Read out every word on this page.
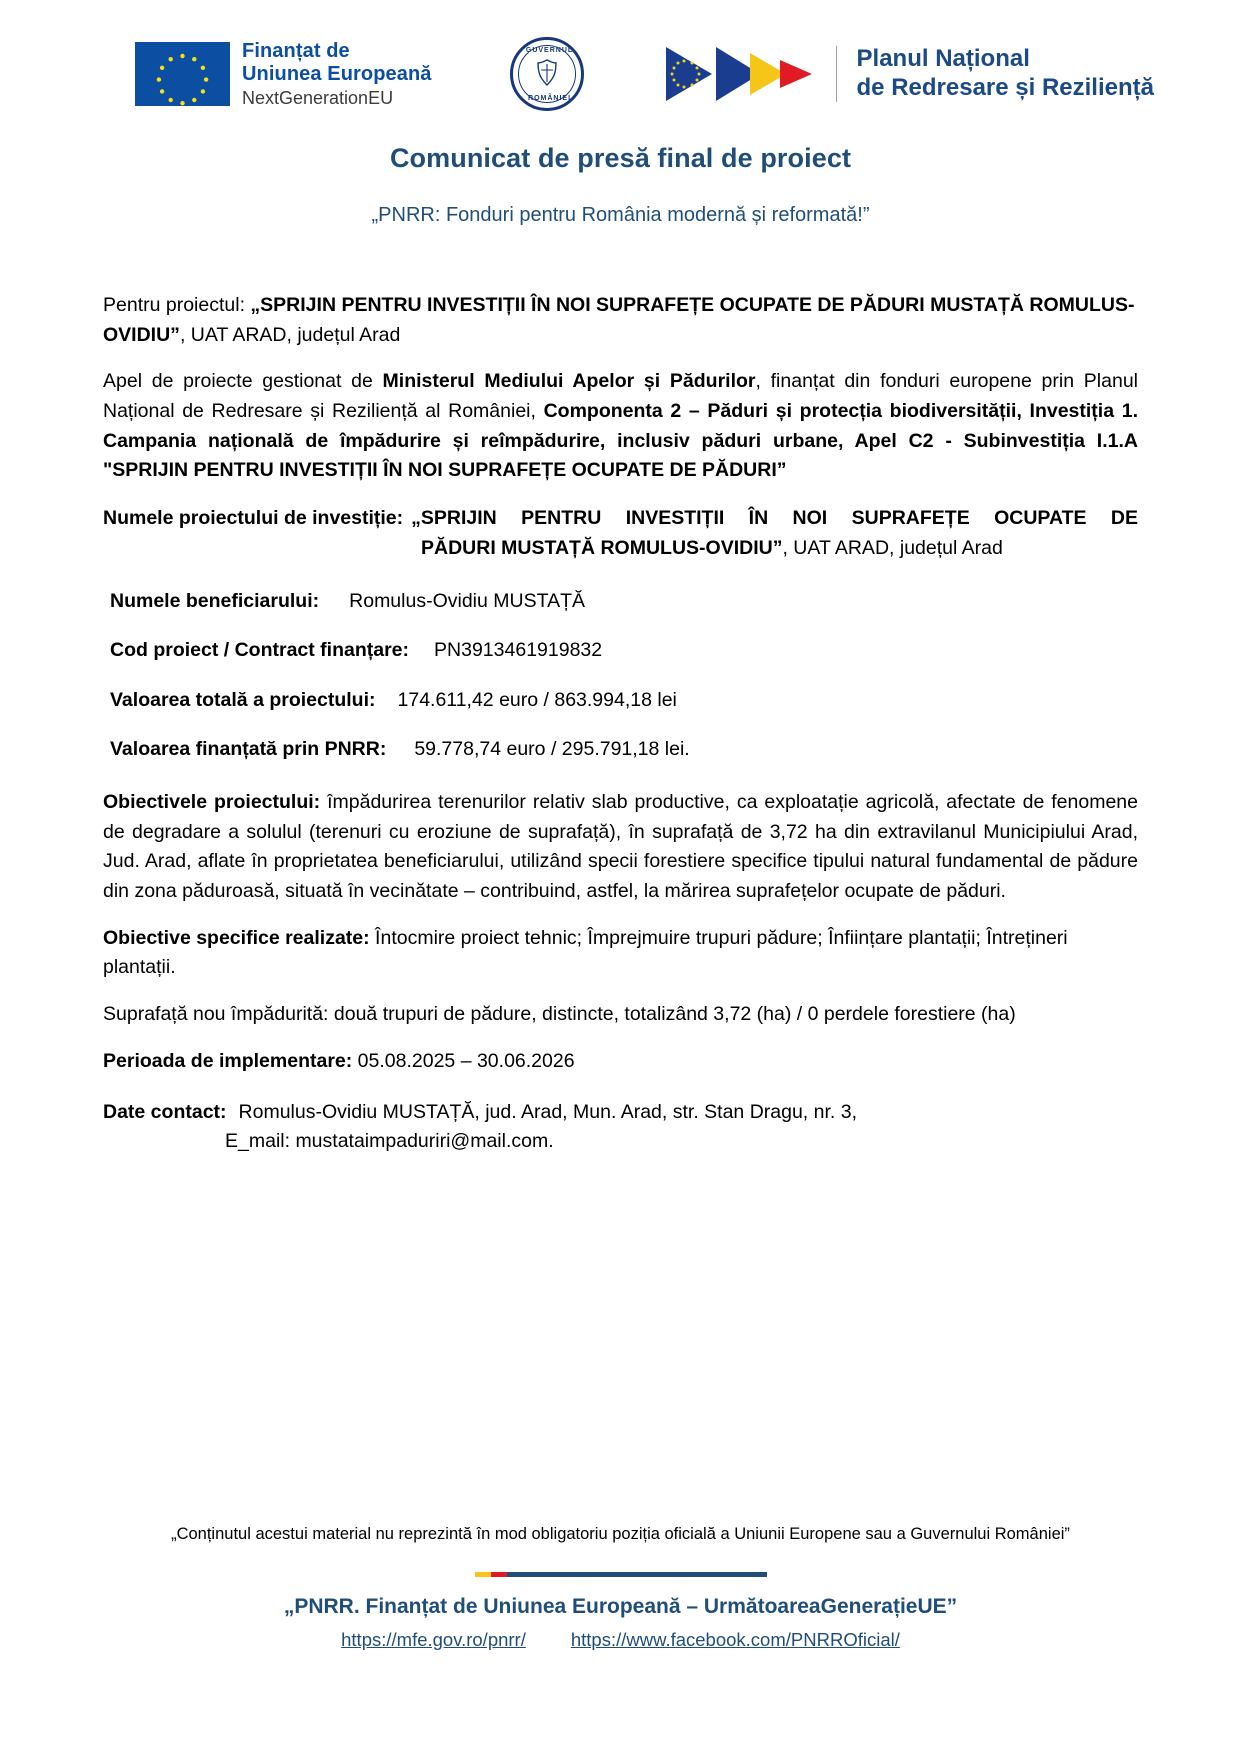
Finanțat de
Uniunea Europeană
NextGenerationEU
GUVERNUL
ROMÂNIEI
Planul Național
de Redresare și Reziliență
Comunicat de presă final de proiect
„PNRR: Fonduri pentru România modernă și reformată!”

Pentru proiectul: „SPRIJIN PENTRU INVESTIȚII ÎN NOI SUPRAFEȚE OCUPATE DE PĂDURI MUSTAȚĂ ROMULUS-OVIDIU”, UAT ARAD, județul Arad

Apel de proiecte gestionat de Ministerul Mediului Apelor și Pădurilor, finanțat din fonduri europene prin Planul Național de Redresare și Reziliență al României, Componenta 2 – Păduri și protecția biodiversității, Investiția 1. Campania națională de împădurire și reîmpădurire, inclusiv păduri urbane, Apel C2 - Subinvestiția I.1.A "SPRIJIN PENTRU INVESTIȚII ÎN NOI SUPRAFEȚE OCUPATE DE PĂDURI”

Numele proiectului de investiție: „SPRIJIN PENTRU INVESTIȚII ÎN NOI SUPRAFEȚE OCUPATE DE
PĂDURI MUSTAȚĂ ROMULUS-OVIDIU”, UAT ARAD, județul Arad
Numele beneficiarului: Romulus-Ovidiu MUSTAȚĂ
Cod proiect / Contract finanțare: PN3913461919832
Valoarea totală a proiectului: 174.611,42 euro / 863.994,18 lei
Valoarea finanțată prin PNRR: 59.778,74 euro / 295.791,18 lei.

Obiectivele proiectului: împădurirea terenurilor relativ slab productive, ca exploatație agricolă, afectate de fenomene de degradare a solulul (terenuri cu eroziune de suprafață), în suprafață de 3,72 ha din extravilanul Municipiului Arad, Jud. Arad, aflate în proprietatea beneficiarului, utilizând specii forestiere specifice tipului natural fundamental de pădure din zona păduroasă, situată în vecinătate – contribuind, astfel, la mărirea suprafețelor ocupate de păduri.

Obiective specifice realizate: Întocmire proiect tehnic; Împrejmuire trupuri pădure; Înființare plantații; Întrețineri plantații.

Suprafață nou împădurită: două trupuri de pădure, distincte, totalizând 3,72 (ha) / 0 perdele forestiere (ha)

Perioada de implementare: 05.08.2025 – 30.06.2026

Date contact: Romulus-Ovidiu MUSTAȚĂ, jud. Arad, Mun. Arad, str. Stan Dragu, nr. 3,
E_mail: mustataimpaduriri@mail.com.
„Conținutul acestui material nu reprezintă în mod obligatoriu poziția oficială a Uniunii Europene sau a Guvernului României”
„PNRR. Finanțat de Uniunea Europeană – UrmătoareaGenerațieUE”
https://mfe.gov.ro/pnrr/ https://www.facebook.com/PNRROficial/
